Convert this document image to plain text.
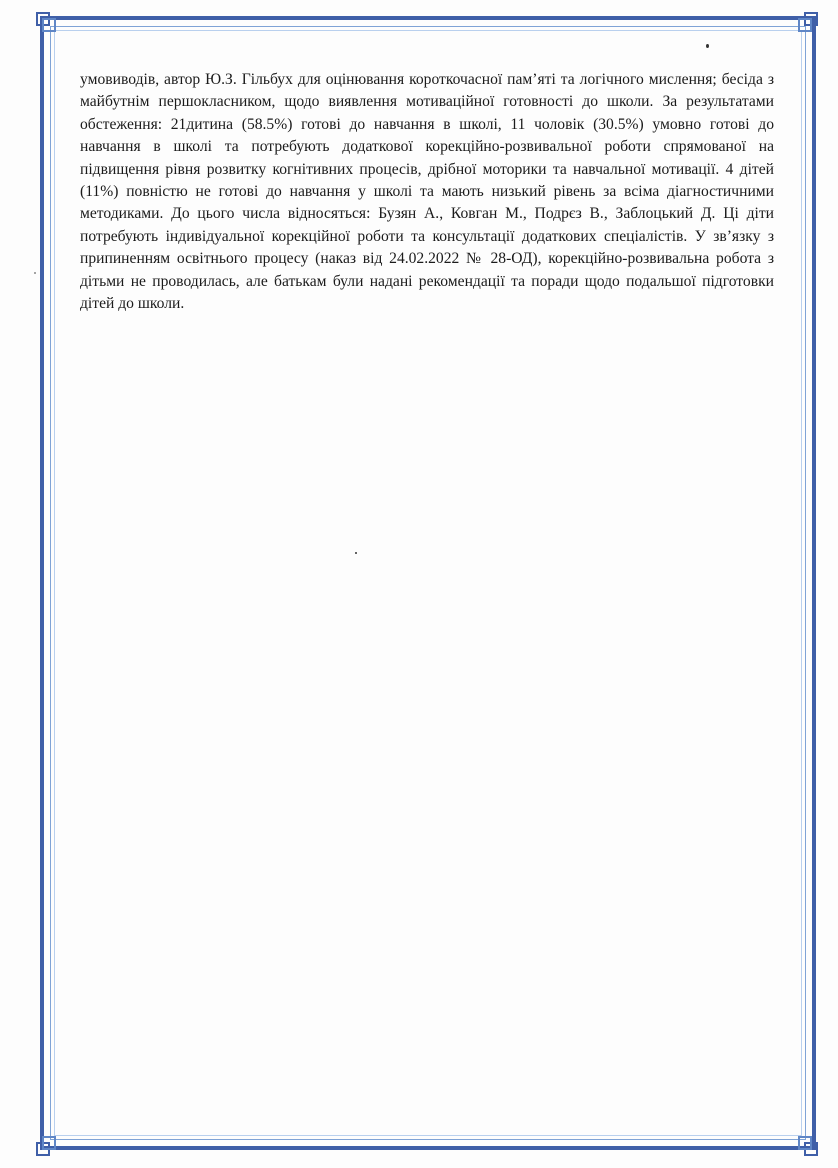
умовиводів, автор Ю.З. Гільбух для оцінювання короткочасної пам’яті та логічного мислення; бесіда з майбутнім першокласником, щодо виявлення мотиваційної готовності до школи. За результатами обстеження: 21дитина (58.5%) готові до навчання в школі, 11 чоловік (30.5%) умовно готові до навчання в школі та потребують додаткової корекційно-розвивальної роботи спрямованої на підвищення рівня розвитку когнітивних процесів, дрібної моторики та навчальної мотивації. 4 дітей (11%) повністю не готові до навчання у школі та мають низький рівень за всіма діагностичними методиками. До цього числа відносяться: Бузян А., Ковган М., Подрєз В., Заблоцький Д. Ці діти потребують індивідуальної корекційної роботи та консультації додаткових спеціалістів. У зв’язку з припиненням освітнього процесу (наказ від 24.02.2022 № 28-ОД), корекційно-розвивальна робота з дітьми не проводилась, але батькам були надані рекомендації та поради щодо подальшої підготовки дітей до школи.
